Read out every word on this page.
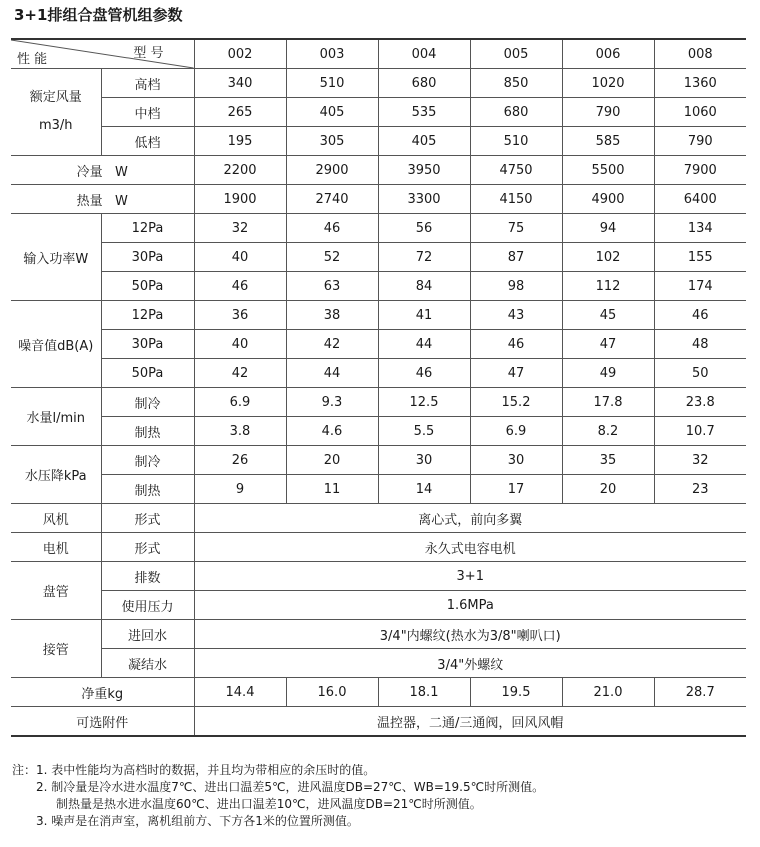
3+1排组合盘管机组参数
型 号
性 能		002	003	004	005	006	008

额定风量
m3/h	高档	340	510	680	850	1020	1360
	中档	265	405	535	680	790	1060
	低档	195	305	405	510	585	790
冷量 W		2200	2900	3950	4750	5500	7900
热量 W		1900	2740	3300	4150	4900	6400
输入功率W	12Pa	32	46	56	75	94	134
	30Pa	40	52	72	87	102	155
	50Pa	46	63	84	98	112	174
噪音值dB(A)	12Pa	36	38	41	43	45	46
	30Pa	40	42	44	46	47	48
	50Pa	42	44	46	47	49	50
水量l/min	制冷	6.9	9.3	12.5	15.2	17.8	23.8
	制热	3.8	4.6	5.5	6.9	8.2	10.7
水压降kPa	制冷	26	20	30	30	35	32
	制热	9	11	14	17	20	23
风机	形式	离心式，前向多翼					
电机	形式	永久式电容电机					
盘管	排数	3+1					
	使用压力	1.6MPa					
接管	进回水	3/4"内螺纹(热水为3/8"喇叭口)					
	凝结水	3/4"外螺纹					
净重kg		14.4	16.0	18.1	19.5	21.0	28.7
可选附件		温控器，二通/三通阀，回风风帽					
注：1. 表中性能均为高档时的数据，并且均为带相应的余压时的值。
2. 制冷量是冷水进水温度7℃、进出口温差5℃，进风温度DB=27℃、WB=19.5℃时所测值。
制热量是热水进水温度60℃、进出口温差10℃，进风温度DB=21℃时所测值。
3. 噪声是在消声室，离机组前方、下方各1米的位置所测值。
